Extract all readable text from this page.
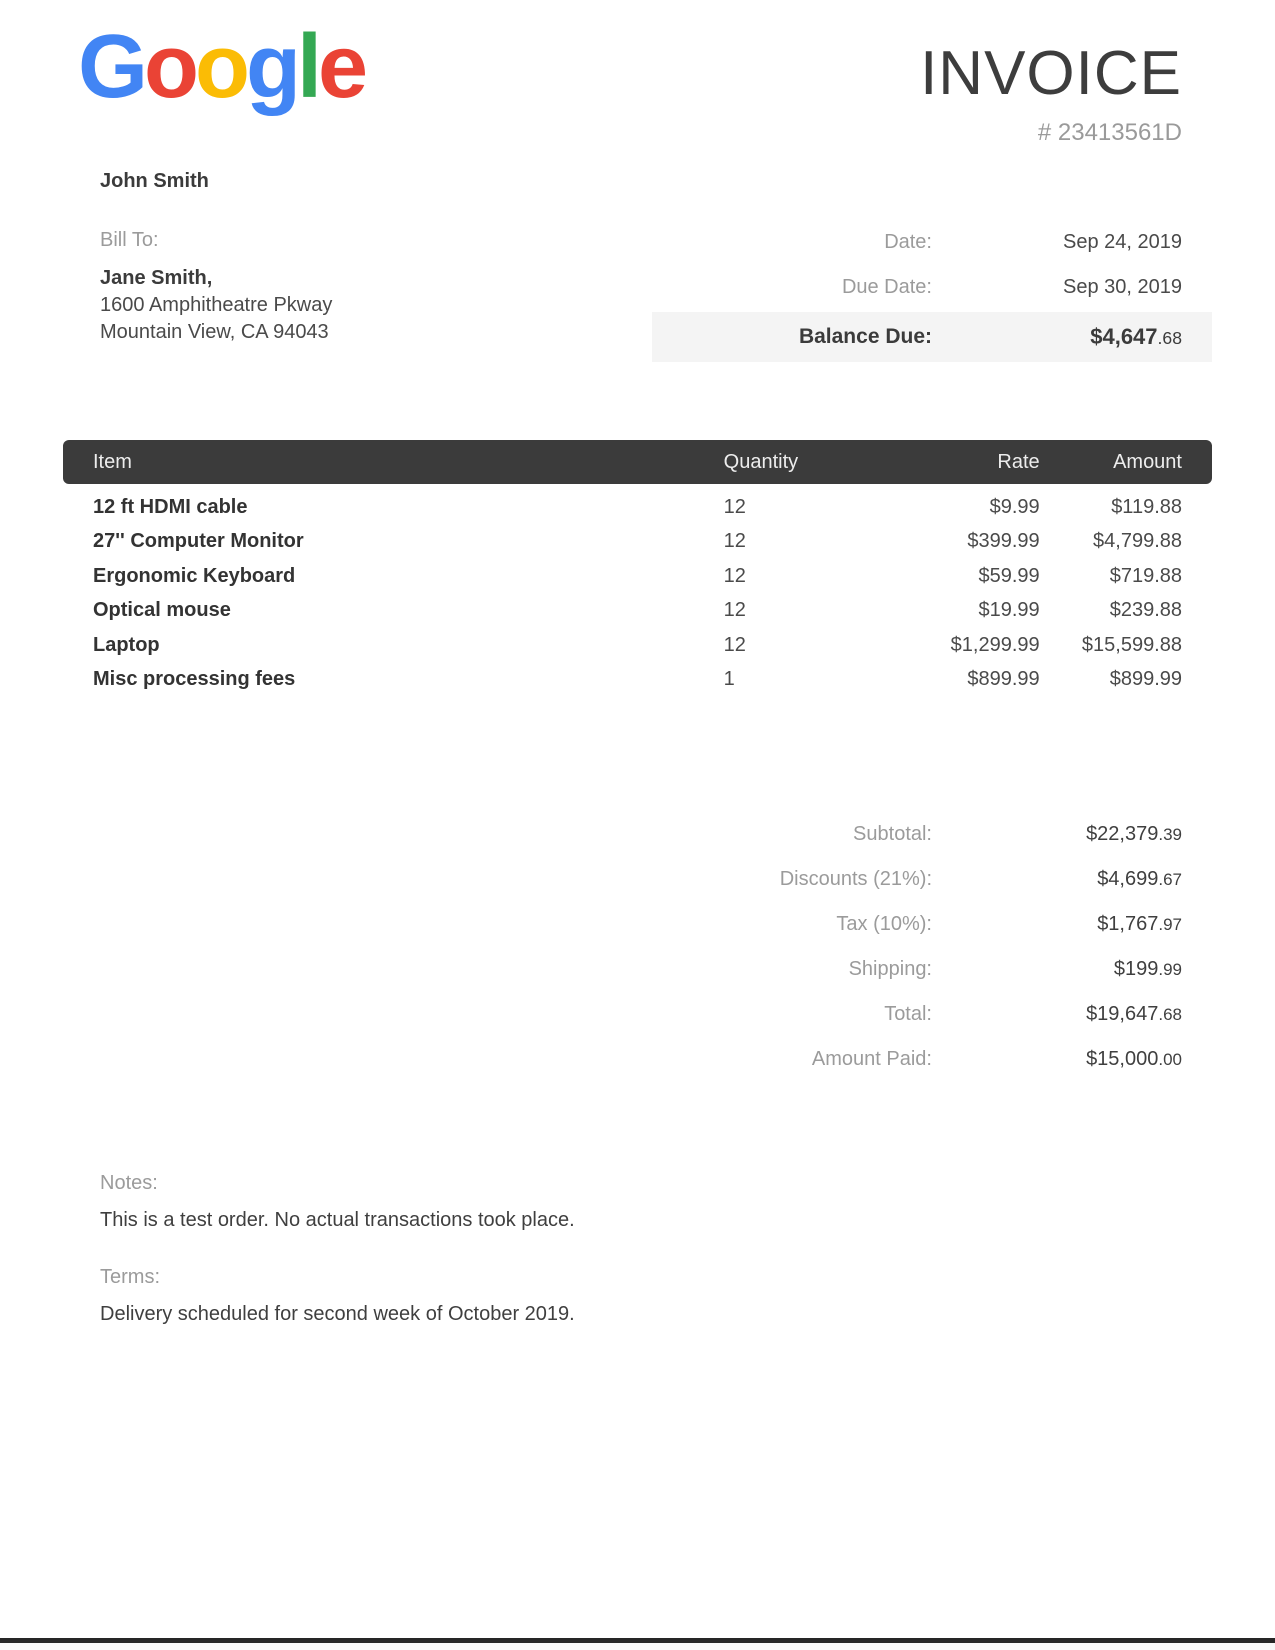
Google	INVOICE
# 23413561D
John Smith
Bill To:
Jane Smith,
1600 Amphitheatre Pkway
Mountain View, CA 94043
Date:	Sep 24, 2019
Due Date:	Sep 30, 2019
Balance Due:	$4,647.68
Item	Quantity	Rate	Amount
12 ft HDMI cable	12	$9.99	$119.88
27'' Computer Monitor	12	$399.99	$4,799.88
Ergonomic Keyboard	12	$59.99	$719.88
Optical mouse	12	$19.99	$239.88
Laptop	12	$1,299.99	$15,599.88
Misc processing fees	1	$899.99	$899.99
Subtotal:	$22,379.39
Discounts (21%):	$4,699.67
Tax (10%):	$1,767.97
Shipping:	$199.99
Total:	$19,647.68
Amount Paid:	$15,000.00
Notes:
This is a test order. No actual transactions took place.
Terms:
Delivery scheduled for second week of October 2019.
